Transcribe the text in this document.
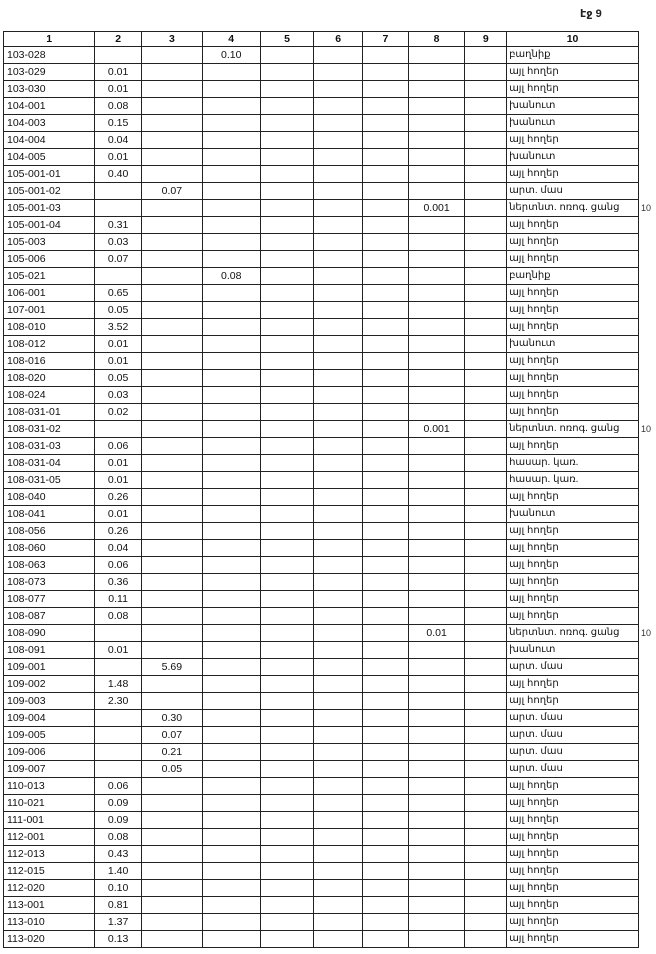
էջ 9
1	2	3	4	5	6	7	8	9	10
103-028			0.10						բաղնիք
103-029	0.01								այլ հողեր
103-030	0.01								այլ հողեր
104-001	0.08								խանուտ
104-003	0.15								խանուտ
104-004	0.04								այլ հողեր
104-005	0.01								խանուտ
105-001-01	0.40								այլ հողեր
105-001-02		0.07							արտ. մաս
105-001-03							0.001		ներտնտ. ոռոգ. ցանց
105-001-04	0.31								այլ հողեր
105-003	0.03								այլ հողեր
105-006	0.07								այլ հողեր
105-021			0.08						բաղնիք
106-001	0.65								այլ հողեր
107-001	0.05								այլ հողեր
108-010	3.52								այլ հողեր
108-012	0.01								խանուտ
108-016	0.01								այլ հողեր
108-020	0.05								այլ հողեր
108-024	0.03								այլ հողեր
108-031-01	0.02								այլ հողեր
108-031-02							0.001		ներտնտ. ոռոգ. ցանց
108-031-03	0.06								այլ հողեր
108-031-04	0.01								հասար. կառ.
108-031-05	0.01								հասար. կառ.
108-040	0.26								այլ հողեր
108-041	0.01								խանուտ
108-056	0.26								այլ հողեր
108-060	0.04								այլ հողեր
108-063	0.06								այլ հողեր
108-073	0.36								այլ հողեր
108-077	0.11								այլ հողեր
108-087	0.08								այլ հողեր
108-090							0.01		ներտնտ. ոռոգ. ցանց
108-091	0.01								խանուտ
109-001		5.69							արտ. մաս
109-002	1.48								այլ հողեր
109-003	2.30								այլ հողեր
109-004		0.30							արտ. մաս
109-005		0.07							արտ. մաս
109-006		0.21							արտ. մաս
109-007		0.05							արտ. մաս
110-013	0.06								այլ հողեր
110-021	0.09								այլ հողեր
111-001	0.09								այլ հողեր
112-001	0.08								այլ հողեր
112-013	0.43								այլ հողեր
112-015	1.40								այլ հողեր
112-020	0.10								այլ հողեր
113-001	0.81								այլ հողեր
113-010	1.37								այլ հողեր
113-020	0.13								այլ հողեր
10
10
10
